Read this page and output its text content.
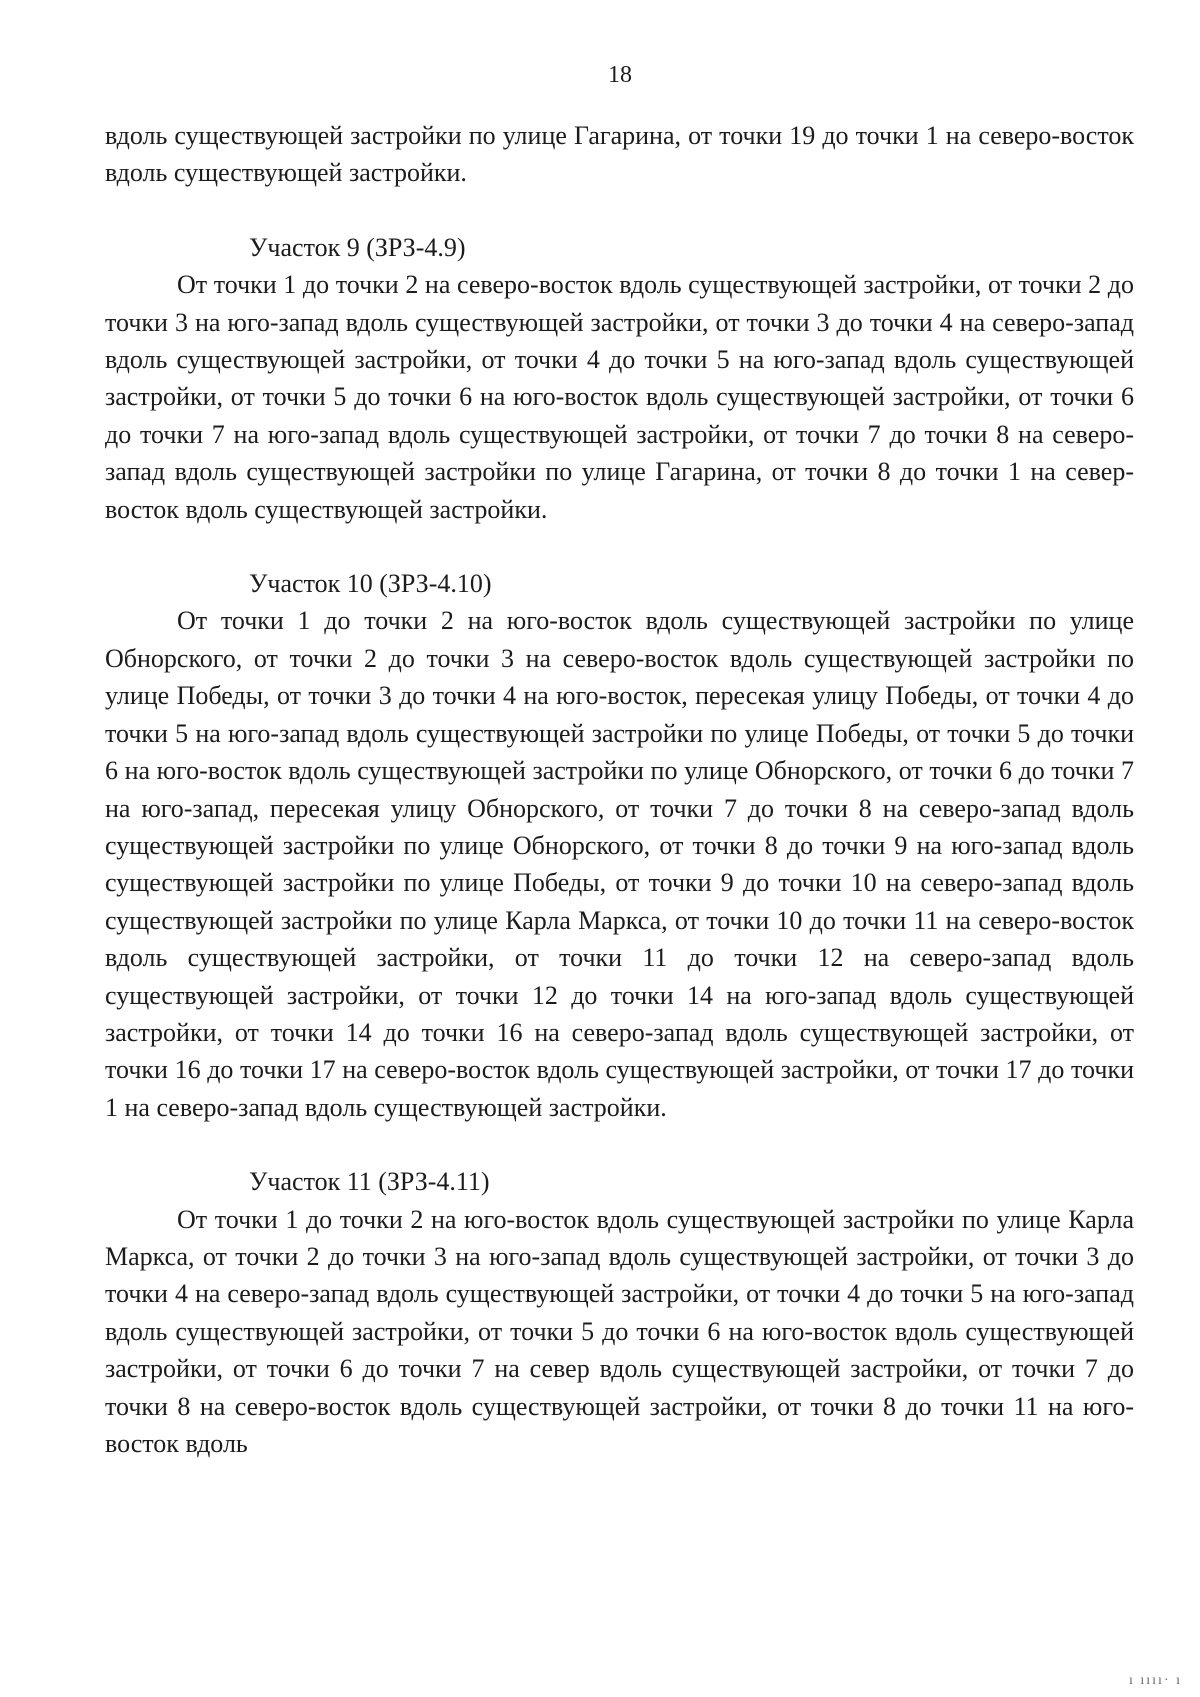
18

вдоль существующей застройки по улице Гагарина, от точки 19 до точки 1 на северо-восток вдоль существующей застройки.

Участок 9 (ЗРЗ-4.9)

От точки 1 до точки 2 на северо-восток вдоль существующей застройки, от точки 2 до точки 3 на юго-запад вдоль существующей застройки, от точки 3 до точки 4 на северо-запад вдоль существующей застройки, от точки 4 до точки 5 на юго-запад вдоль существующей застройки, от точки 5 до точки 6 на юго-восток вдоль существующей застройки, от точки 6 до точки 7 на юго-запад вдоль существующей застройки, от точки 7 до точки 8 на северо-запад вдоль существующей застройки по улице Гагарина, от точки 8 до точки 1 на север-восток вдоль существующей застройки.

Участок 10 (ЗРЗ-4.10)

От точки 1 до точки 2 на юго-восток вдоль существующей застройки по улице Обнорского, от точки 2 до точки 3 на северо-восток вдоль существующей застройки по улице Победы, от точки 3 до точки 4 на юго-восток, пересекая улицу Победы, от точки 4 до точки 5 на юго-запад вдоль существующей застройки по улице Победы, от точки 5 до точки 6 на юго-восток вдоль существующей застройки по улице Обнорского, от точки 6 до точки 7 на юго-запад, пересекая улицу Обнорского, от точки 7 до точки 8 на северо-запад вдоль существующей застройки по улице Обнорского, от точки 8 до точки 9 на юго-запад вдоль существующей застройки по улице Победы, от точки 9 до точки 10 на северо-запад вдоль существующей застройки по улице Карла Маркса, от точки 10 до точки 11 на северо-восток вдоль существующей застройки, от точки 11 до точки 12 на северо-запад вдоль существующей застройки, от точки 12 до точки 14 на юго-запад вдоль существующей застройки, от точки 14 до точки 16 на северо-запад вдоль существующей застройки, от точки 16 до точки 17 на северо-восток вдоль существующей застройки, от точки 17 до точки 1 на северо-запад вдоль существующей застройки.

Участок 11 (ЗРЗ-4.11)

От точки 1 до точки 2 на юго-восток вдоль существующей застройки по улице Карла Маркса, от точки 2 до точки 3 на юго-запад вдоль существующей застройки, от точки 3 до точки 4 на северо-запад вдоль существующей застройки, от точки 4 до точки 5 на юго-запад вдоль существующей застройки, от точки 5 до точки 6 на юго-восток вдоль существующей застройки, от точки 6 до точки 7 на север вдоль существующей застройки, от точки 7 до точки 8 на северо-восток вдоль существующей застройки, от точки 8 до точки 11 на юго-восток вдоль

ı ıııı· ı
